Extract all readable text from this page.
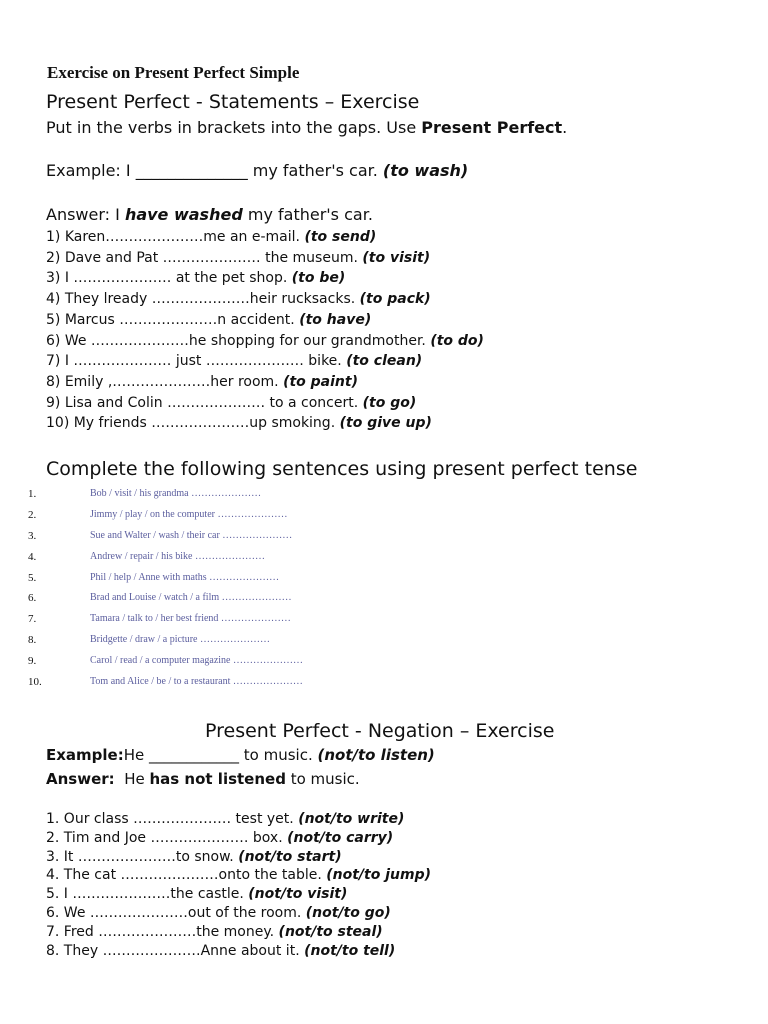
Exercise on Present Perfect Simple
Present Perfect - Statements – Exercise
Put in the verbs in brackets into the gaps. Use Present Perfect.
Example: I ______________ my father's car. (to wash)
Answer: I have washed my father's car.
1) Karen…………………me an e-mail. (to send)
2) Dave and Pat ………………… the museum. (to visit)
3) I ………………… at the pet shop. (to be)
4) They lready …………………heir rucksacks. (to pack)
5) Marcus …………………n accident. (to have)
6) We …………………he shopping for our grandmother. (to do)
7) I ………………… just ………………… bike. (to clean)
8) Emily ,…………………her room. (to paint)
9) Lisa and Colin ………………… to a concert. (to go)
10) My friends …………………up smoking. (to give up)
Complete the following sentences using present perfect tense
1.	Bob / visit / his grandma …………………
2.	Jimmy / play / on the computer …………………
3.	Sue and Walter / wash / their car …………………
4.	Andrew / repair / his bike …………………
5.	Phil / help / Anne with maths …………………
6.	Brad and Louise / watch / a film …………………
7.	Tamara / talk to / her best friend …………………
8.	Bridgette / draw / a picture …………………
9.	Carol / read / a computer magazine …………………
10.	Tom and Alice / be / to a restaurant …………………
Present Perfect - Negation – Exercise
Example:He ____________ to music. (not/to listen)
Answer:  He has not listened to music.
1. Our class ………………… test yet. (not/to write)
2. Tim and Joe ………………… box. (not/to carry)
3. It …………………to snow. (not/to start)
4. The cat …………………onto the table. (not/to jump)
5. I …………………the castle. (not/to visit)
6. We …………………out of the room. (not/to go)
7. Fred …………………the money. (not/to steal)
8. They …………………Anne about it. (not/to tell)
